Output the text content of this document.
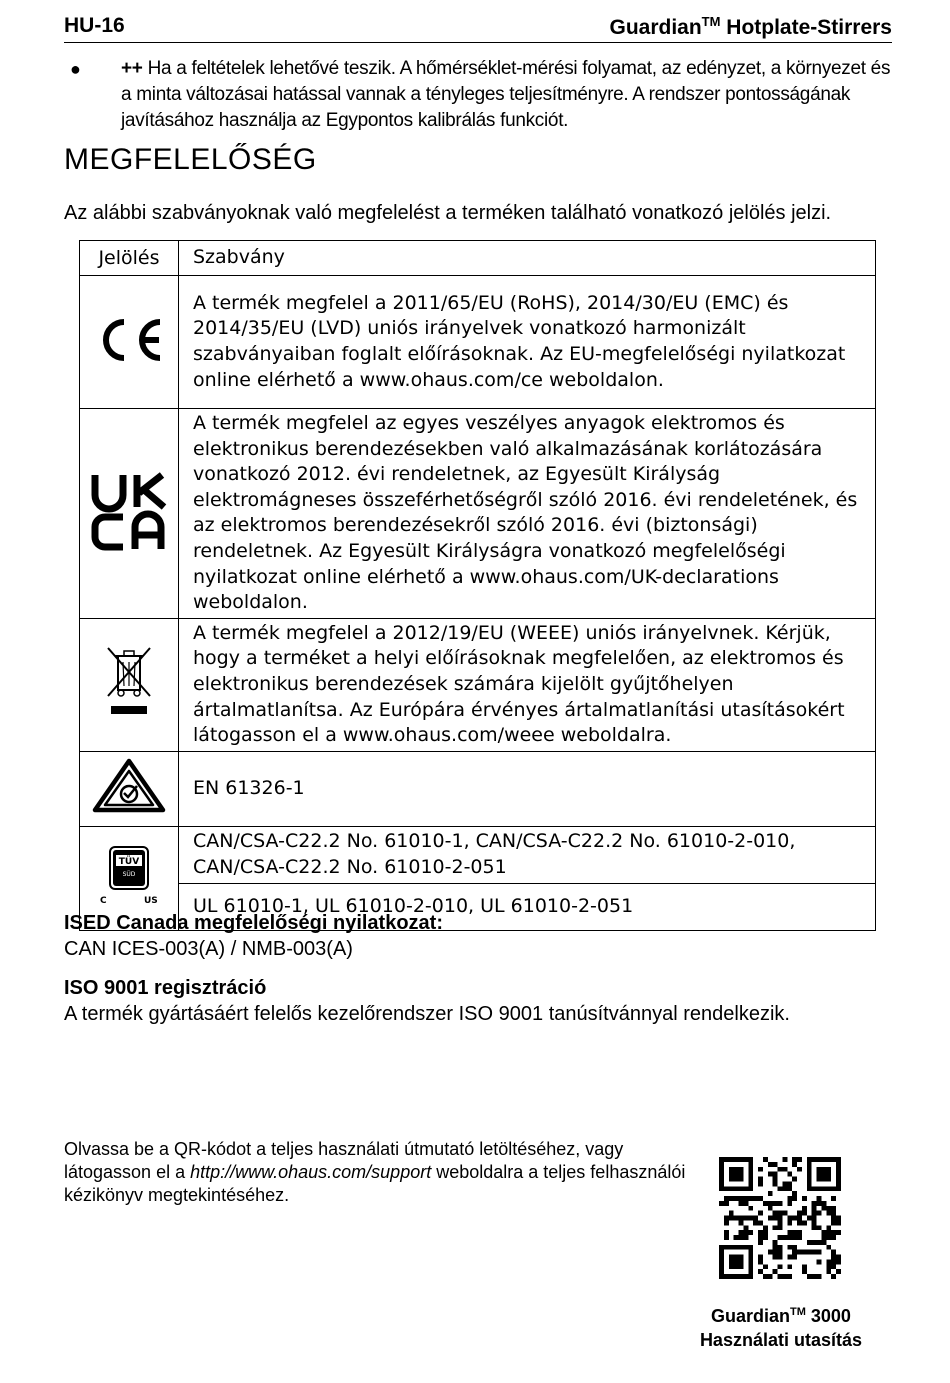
HU-16	Guardian™ Hotplate-Stirrers
● ++ Ha a feltételek lehetővé teszik. A hőmérséklet-mérési folyamat, az edényzet, a környezet és a minta változásai hatással vannak a tényleges teljesítményre. A rendszer pontosságának javításához használja az Egypontos kalibrálás funkciót.
MEGFELELŐSÉG
Az alábbi szabványoknak való megfelelést a terméken található vonatkozó jelölés jelzi.
Jelölés	Szabvány
	A termék megfelel a 2011/65/EU (RoHS), 2014/30/EU (EMC) és 2014/35/EU (LVD) uniós irányelvek vonatkozó harmonizált szabványaiban foglalt előírásoknak. Az EU-megfelelőségi nyilatkozat online elérhető a www.ohaus.com/ce weboldalon.
	A termék megfelel az egyes veszélyes anyagok elektromos és elektronikus berendezésekben való alkalmazásának korlátozására vonatkozó 2012. évi rendeletnek, az Egyesült Királyság elektromágneses összeférhetőségről szóló 2016. évi rendeletének, és az elektromos berendezésekről szóló 2016. évi (biztonsági) rendeletnek. Az Egyesült Királyságra vonatkozó megfelelőségi nyilatkozat online elérhető a www.ohaus.com/UK-declarations weboldalon.
	A termék megfelel a 2012/19/EU (WEEE) uniós irányelvnek. Kérjük, hogy a terméket a helyi előírásoknak megfelelően, az elektromos és elektronikus berendezések számára kijelölt gyűjtőhelyen ártalmatlanítsa. Az Európára érvényes ártalmatlanítási utasításokért látogasson el a www.ohaus.com/weee weboldalra.
	EN 61326-1

TÜV
SÜD
C US	CAN/CSA-C22.2 No. 61010-1, CAN/CSA-C22.2 No. 61010-2-010, CAN/CSA-C22.2 No. 61010-2-051
	UL 61010-1, UL 61010-2-010, UL 61010-2-051
ISED Canada megfelelőségi nyilatkozat:
CAN ICES-003(A) / NMB-003(A)
ISO 9001 regisztráció
A termék gyártásáért felelős kezelőrendszer ISO 9001 tanúsítvánnyal rendelkezik.
Olvassa be a QR-kódot a teljes használati útmutató letöltéséhez, vagy látogasson el a http://www.ohaus.com/support weboldalra a teljes felhasználói kézikönyv megtekintéséhez.
Guardian™ 3000
Használati utasítás
